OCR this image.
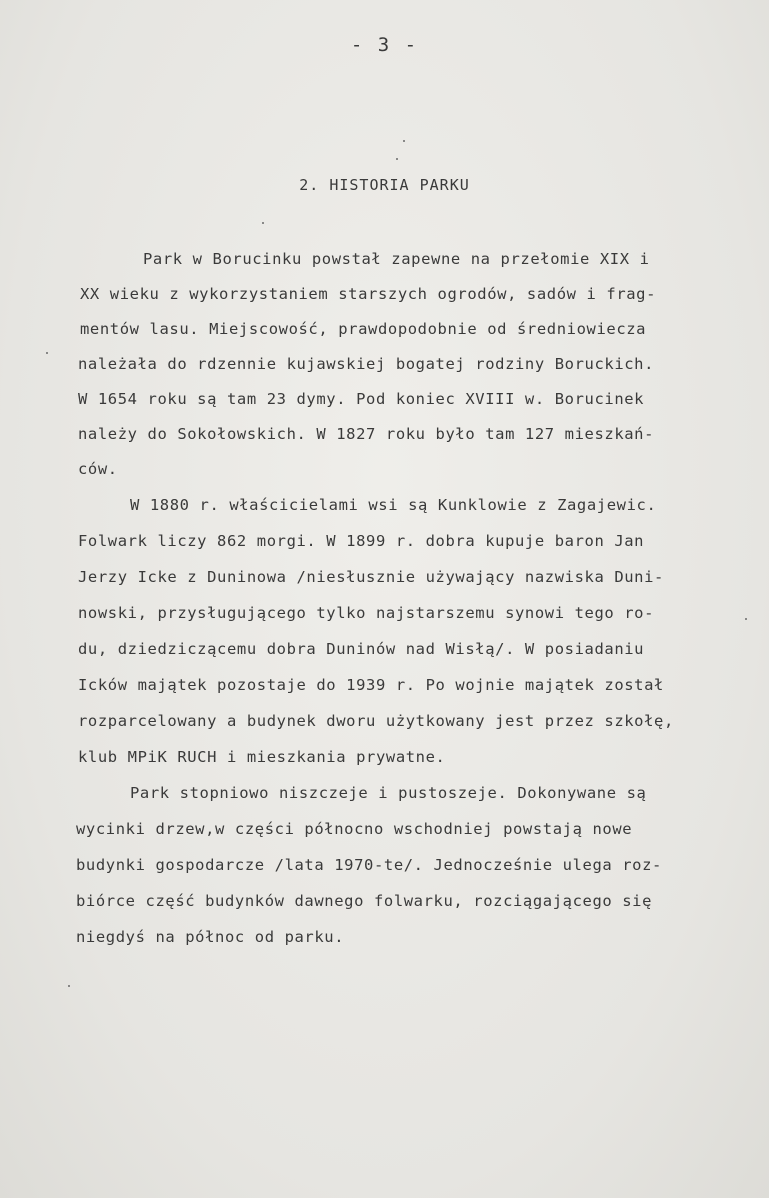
- 3 -
2. HISTORIA PARKU
Park w Borucinku powstał zapewne na przełomie XIX i
XX wieku z wykorzystaniem starszych ogrodów, sadów i frag-
mentów lasu. Miejscowość, prawdopodobnie od średniowiecza
należała do rdzennie kujawskiej bogatej rodziny Boruckich.
W 1654 roku są tam 23 dymy. Pod koniec XVIII w. Borucinek
należy do Sokołowskich. W 1827 roku było tam 127 mieszkań-
ców.
W 1880 r. właścicielami wsi są Kunklowie z Zagajewic.
Folwark liczy 862 morgi. W 1899 r. dobra kupuje baron Jan
Jerzy Icke z Duninowa /niesłusznie używający nazwiska Duni-
nowski, przysługującego tylko najstarszemu synowi tego ro-
du, dziedziczącemu dobra Duninów nad Wisłą/. W posiadaniu
Icków majątek pozostaje do 1939 r. Po wojnie majątek został
rozparcelowany a budynek dworu użytkowany jest przez szkołę,
klub MPiK RUCH i mieszkania prywatne.
Park stopniowo niszczeje i pustoszeje. Dokonywane są
wycinki drzew,w części północno wschodniej powstają nowe
budynki gospodarcze /lata 1970-te/. Jednocześnie ulega roz-
biórce część budynków dawnego folwarku, rozciągającego się
niegdyś na północ od parku.
